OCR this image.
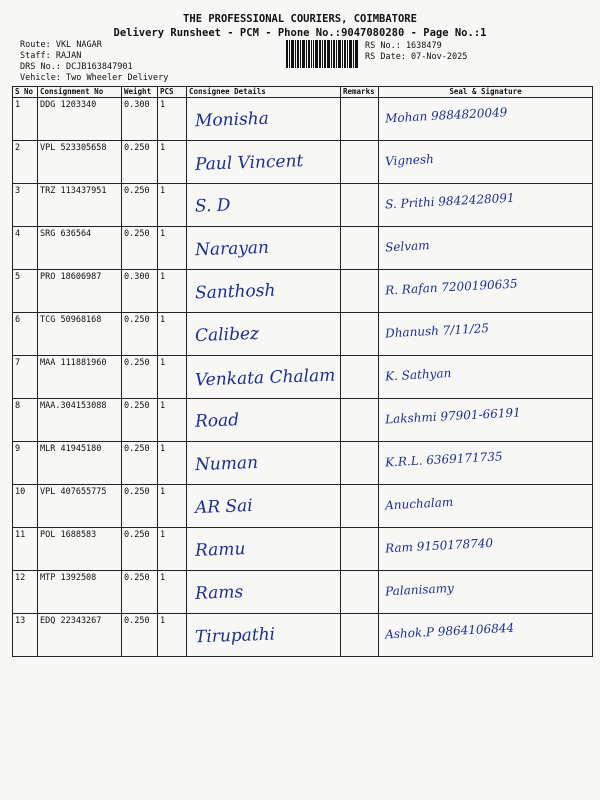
THE PROFESSIONAL COURIERS, COIMBATORE
Delivery Runsheet - PCM - Phone No.:9047080280 - Page No.:1
Route: VKL NAGAR
Staff: RAJAN
DRS No.: DCJB163847901
Vehicle: Two Wheeler Delivery
RS No.: 1638479
RS Date: 07-Nov-2025
S No	Consignment No	Weight	PCS	Consignee Details	Remarks	Seal & Signature
1	DDG 1203340	0.300	1	Monisha		Mohan 9884820049

2	VPL 523305658	0.250	1	Paul Vincent		Vignesh

3	TRZ 113437951	0.250	1	S. D		S. Prithi 9842428091

4	SRG 636564	0.250	1	Narayan		Selvam

5	PRO 18606987	0.300	1	Santhosh		R. Rafan 7200190635

6	TCG 50968168	0.250	1	Calibez		Dhanush 7/11/25

7	MAA 111881960	0.250	1	Venkata Chalam		K. Sathyan

8	MAA.304153088	0.250	1	Road		Lakshmi 97901-66191

9	MLR 41945180	0.250	1	Numan		K.R.L. 6369171735

10	VPL 407655775	0.250	1	AR Sai		Anuchalam

11	POL 1688583	0.250	1	Ramu		Ram 9150178740

12	MTP 1392508	0.250	1	Rams		Palanisamy

13	EDQ 22343267	0.250	1	Tirupathi		Ashok.P 9864106844
